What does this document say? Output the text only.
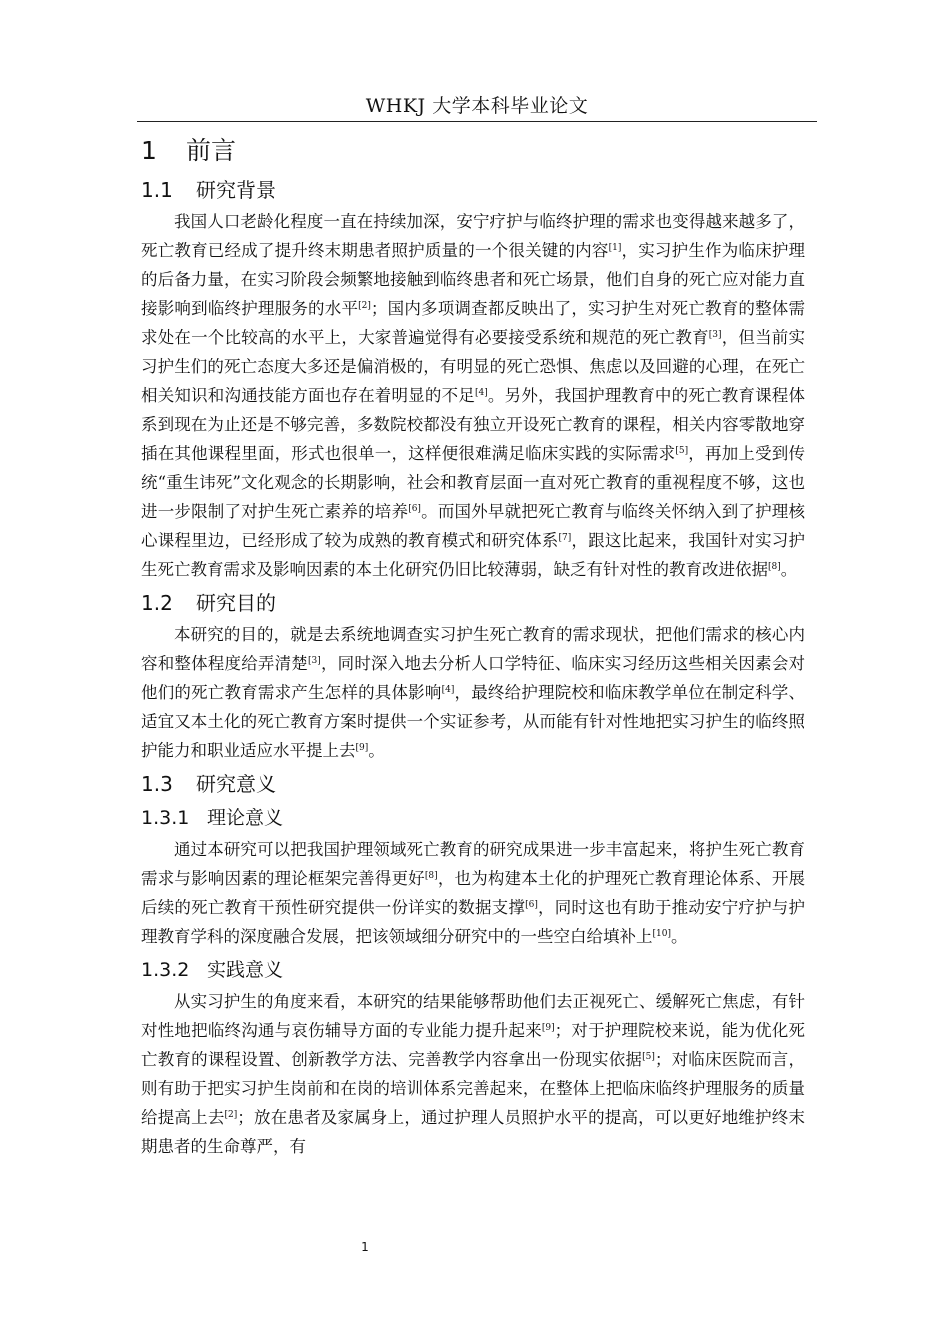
WHKJ 大学本科毕业论文
1 前言
1.1 研究背景

我国人口老龄化程度一直在持续加深，安宁疗护与临终护理的需求也变得越来越多了，死亡教育已经成了提升终末期患者照护质量的一个很关键的内容[1]，实习护生作为临床护理的后备力量，在实习阶段会频繁地接触到临终患者和死亡场景，他们自身的死亡应对能力直接影响到临终护理服务的水平[2]；国内多项调查都反映出了，实习护生对死亡教育的整体需求处在一个比较高的水平上，大家普遍觉得有必要接受系统和规范的死亡教育[3]，但当前实习护生们的死亡态度大多还是偏消极的，有明显的死亡恐惧、焦虑以及回避的心理，在死亡相关知识和沟通技能方面也存在着明显的不足[4]。另外，我国护理教育中的死亡教育课程体系到现在为止还是不够完善，多数院校都没有独立开设死亡教育的课程，相关内容零散地穿插在其他课程里面，形式也很单一，这样便很难满足临床实践的实际需求[5]，再加上受到传统“重生讳死”文化观念的长期影响，社会和教育层面一直对死亡教育的重视程度不够，这也进一步限制了对护生死亡素养的培养[6]。而国外早就把死亡教育与临终关怀纳入到了护理核心课程里边，已经形成了较为成熟的教育模式和研究体系[7]，跟这比起来，我国针对实习护生死亡教育需求及影响因素的本土化研究仍旧比较薄弱，缺乏有针对性的教育改进依据[8]。

1.2 研究目的

本研究的目的，就是去系统地调查实习护生死亡教育的需求现状，把他们需求的核心内容和整体程度给弄清楚[3]，同时深入地去分析人口学特征、临床实习经历这些相关因素会对他们的死亡教育需求产生怎样的具体影响[4]，最终给护理院校和临床教学单位在制定科学、适宜又本土化的死亡教育方案时提供一个实证参考，从而能有针对性地把实习护生的临终照护能力和职业适应水平提上去[9]。

1.3 研究意义
1.3.1 理论意义

通过本研究可以把我国护理领域死亡教育的研究成果进一步丰富起来，将护生死亡教育需求与影响因素的理论框架完善得更好[8]，也为构建本土化的护理死亡教育理论体系、开展后续的死亡教育干预性研究提供一份详实的数据支撑[6]，同时这也有助于推动安宁疗护与护理教育学科的深度融合发展，把该领域细分研究中的一些空白给填补上[10]。

1.3.2 实践意义

从实习护生的角度来看，本研究的结果能够帮助他们去正视死亡、缓解死亡焦虑，有针对性地把临终沟通与哀伤辅导方面的专业能力提升起来[9]；对于护理院校来说，能为优化死亡教育的课程设置、创新教学方法、完善教学内容拿出一份现实依据[5]；对临床医院而言，则有助于把实习护生岗前和在岗的培训体系完善起来，在整体上把临床临终护理服务的质量给提高上去[2]；放在患者及家属身上，通过护理人员照护水平的提高，可以更好地维护终末期患者的生命尊严，有

1
